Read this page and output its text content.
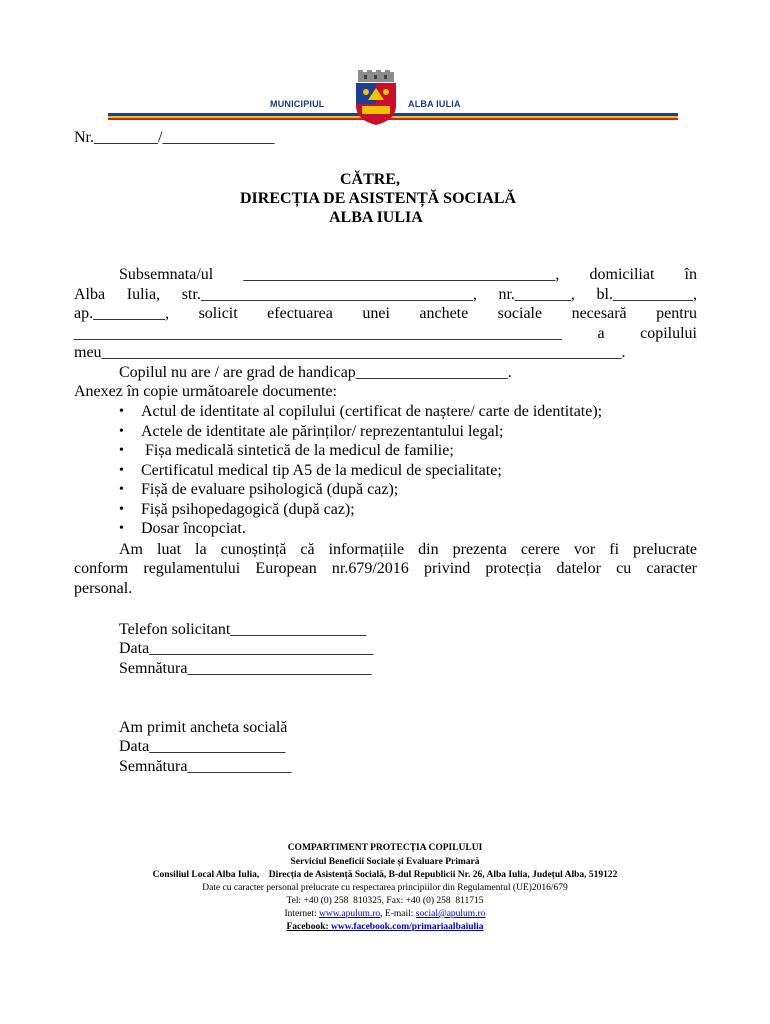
MUNICIPIUL	ALBA IULIA
Nr.________/______________
CĂTRE,
DIRECȚIA DE ASISTENȚĂ SOCIALĂ
ALBA IULIA
Subsemnata/ul _______________________________________, domiciliat în
Alba Iulia, str.__________________________________, nr._______, bl.__________,
ap._________, solicit efectuarea unei anchete sociale necesară pentru
_____________________________________________________________ a copilului
meu_________________________________________________________________.
Copilul nu are / are grad de handicap___________________.
Anexez în copie următoarele documente:
• Actul de identitate al copilului (certificat de naștere/ carte de identitate);
• Actele de identitate ale părinților/ reprezentantului legal;
• Fișa medicală sintetică de la medicul de familie;
• Certificatul medical tip A5 de la medicul de specialitate;
• Fișă de evaluare psihologică (după caz);
• Fișă psihopedagogică (după caz);
• Dosar încopciat.
Am luat la cunoștință că informațiile din prezenta cerere vor fi prelucrate
conform regulamentului European nr.679/2016 privind protecția datelor cu caracter
personal.
Telefon solicitant_________________
Data____________________________
Semnătura_______________________
Am primit ancheta socială
Data_________________
Semnătura_____________
COMPARTIMENT PROTECȚIA COPILULUI
Serviciul Beneficii Sociale și Evaluare Primară
Consiliul Local Alba Iulia,    Direcția de Asistență Socială, B-dul Republicii Nr. 26, Alba Iulia, Județul Alba, 519122
Date cu caracter personal prelucrate cu respectarea principiilor din Regulamentul (UE)2016/679
Tel: +40 (0) 258  810325, Fax: +40 (0) 258  811715
Internet: www.apulum.ro, E-mail: social@apulum.ro
Facebook: www.facebook.com/primariaalbaiulia
